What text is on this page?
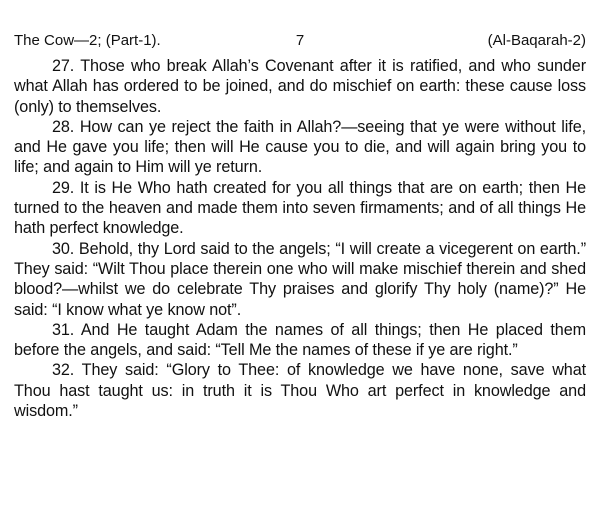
The Cow—2; (Part-1).	7	(Al-Baqarah-2)

27. Those who break Allah’s Covenant after it is ratified, and who sunder what Allah has ordered to be joined, and do mischief on earth: these cause loss (only) to themselves.

28. How can ye reject the faith in Allah?—seeing that ye were without life, and He gave you life; then will He cause you to die, and will again bring you to life; and again to Him will ye return.

29. It is He Who hath created for you all things that are on earth; then He turned to the heaven and made them into seven firmaments; and of all things He hath perfect knowledge.

30. Behold, thy Lord said to the angels; “I will create a vicegerent on earth.” They said: “Wilt Thou place therein one who will make mischief therein and shed blood?—whilst we do celebrate Thy praises and glorify Thy holy (name)?” He said: “I know what ye know not”.

31. And He taught Adam the names of all things; then He placed them before the angels, and said: “Tell Me the names of these if ye are right.”

32. They said: “Glory to Thee: of knowledge we have none, save what Thou hast taught us: in truth it is Thou Who art perfect in knowledge and wisdom.”
